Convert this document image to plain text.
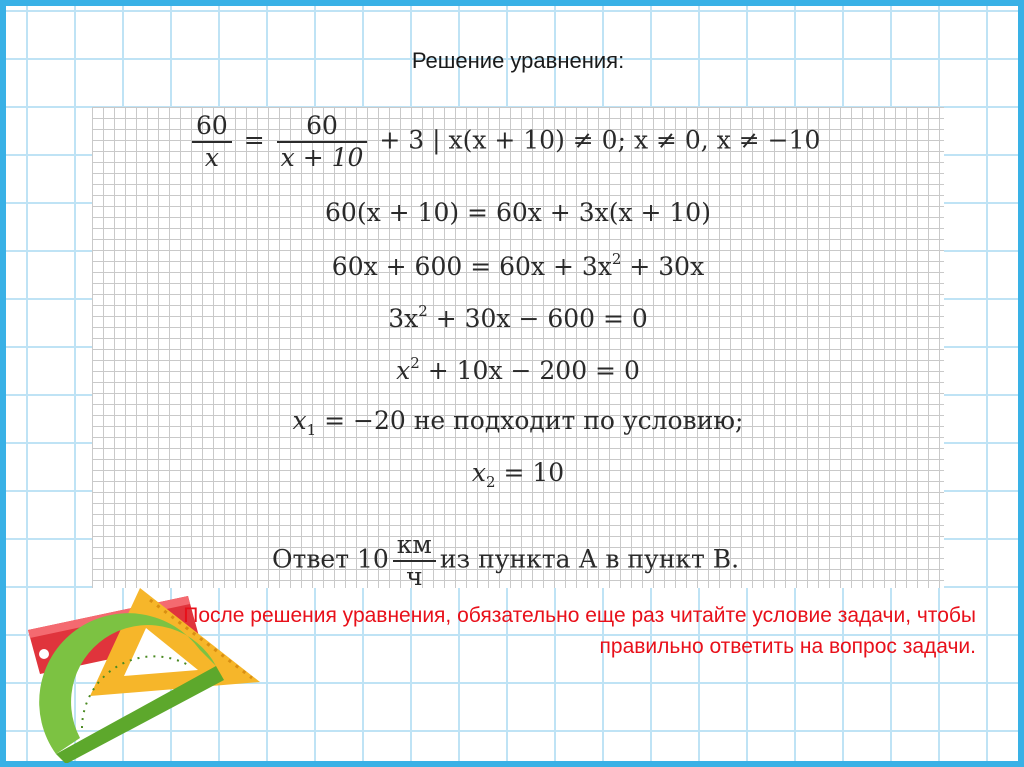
Решение уравнения:
$\frac{60}{x} = \frac{60}{x + 10} + 3$ | x(x + 10) ≠ 0; x ≠ 0, x ≠ −10
60(x + 10) = 60x + 3x(x + 10)
$60x + 600 = 60x + 3x^2 + 30x$
$3x^2 + 30x - 600 = 0$
$x^2 + 10x - 200 = 0$
$x_1 = -20$ не подходит по условию;
$x_2 = 10$
Ответ $10 \frac{км}{ч}$ из пункта А в пункт В.
После решения уравнения, обязательно еще раз читайте условие задачи, чтобы правильно ответить на вопрос задачи.
